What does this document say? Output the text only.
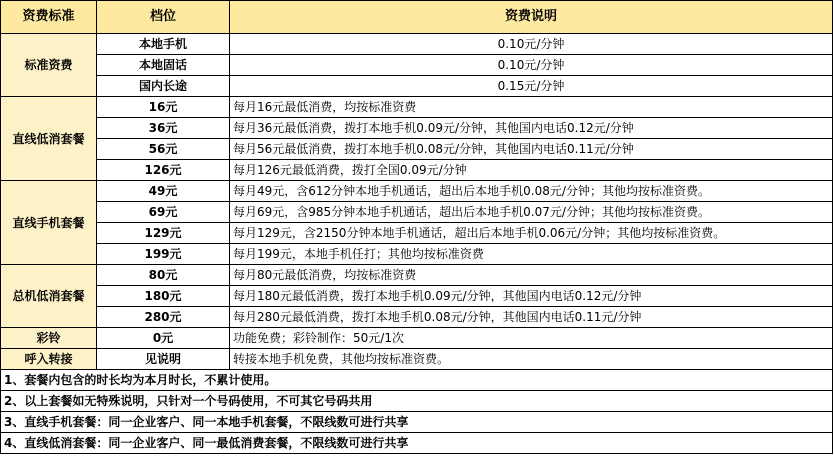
资费标准	档位	资费说明
标准资费	本地手机	0.10元/分钟
	本地固话	0.10元/分钟
	国内长途	0.15元/分钟
直线低消套餐	16元	每月16元最低消费，均按标准资费
	36元	每月36元最低消费，拨打本地手机0.09元/分钟，其他国内电话0.12元/分钟
	56元	每月56元最低消费，拨打本地手机0.08元/分钟，其他国内电话0.11元/分钟
	126元	每月126元最低消费，拨打全国0.09元/分钟
直线手机套餐	49元	每月49元，含612分钟本地手机通话，超出后本地手机0.08元/分钟；其他均按标准资费。
	69元	每月69元，含985分钟本地手机通话，超出后本地手机0.07元/分钟；其他均按标准资费。
	129元	每月129元，含2150分钟本地手机通话，超出后本地手机0.06元/分钟；其他均按标准资费。
	199元	每月199元，本地手机任打；其他均按标准资费
总机低消套餐	80元	每月80元最低消费，均按标准资费
	180元	每月180元最低消费，拨打本地手机0.09元/分钟，其他国内电话0.12元/分钟
	280元	每月280元最低消费，拨打本地手机0.08元/分钟，其他国内电话0.11元/分钟
彩铃	0元	功能免费；彩铃制作：50元/1次
呼入转接	见说明	转接本地手机免费，其他均按标准资费。
1、套餐内包含的时长均为本月时长，不累计使用。		
2、以上套餐如无特殊说明，只针对一个号码使用，不可其它号码共用		
3、直线手机套餐：同一企业客户、同一本地手机套餐，不限线数可进行共享		
4、直线低消套餐：同一企业客户、同一最低消费套餐，不限线数可进行共享		
